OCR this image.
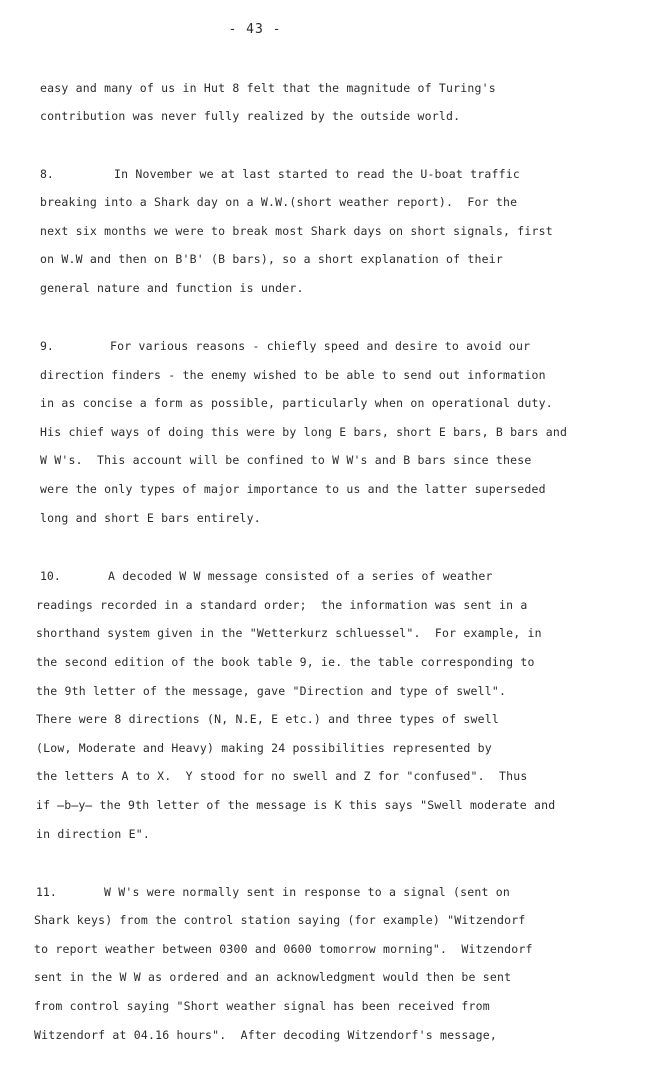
- 43 -
easy and many of us in Hut 8 felt that the magnitude of Turing's
contribution was never fully realized by the outside world.
8.	In November we at last started to read the U-boat traffic
breaking into a Shark day on a W.W.(short weather report).  For the
next six months we were to break most Shark days on short signals, first
on W.W and then on B'B' (B bars), so a short explanation of their
general nature and function is under.
9.	For various reasons - chiefly speed and desire to avoid our
direction finders - the enemy wished to be able to send out information
in as concise a form as possible, particularly when on operational duty.
His chief ways of doing this were by long E bars, short E bars, B bars and
W W's.  This account will be confined to W W's and B bars since these
were the only types of major importance to us and the latter superseded
long and short E bars entirely.
10.	A decoded W W message consisted of a series of weather
readings recorded in a standard order;  the information was sent in a
shorthand system given in the "Wetterkurz schluessel".  For example, in
the second edition of the book table 9, ie. the table corresponding to
the 9th letter of the message, gave "Direction and type of swell".
There were 8 directions (N, N.E, E etc.) and three types of swell
(Low, Moderate and Heavy) making 24 possibilities represented by
the letters A to X.  Y stood for no swell and Z for "confused".  Thus
if ̶b̶y̶ the 9th letter of the message is K this says "Swell moderate and
in direction E".
11.	W W's were normally sent in response to a signal (sent on
Shark keys) from the control station saying (for example) "Witzendorf
to report weather between 0300 and 0600 tomorrow morning".  Witzendorf
sent in the W W as ordered and an acknowledgment would then be sent
from control saying "Short weather signal has been received from
Witzendorf at 04.16 hours".  After decoding Witzendorf's message,
